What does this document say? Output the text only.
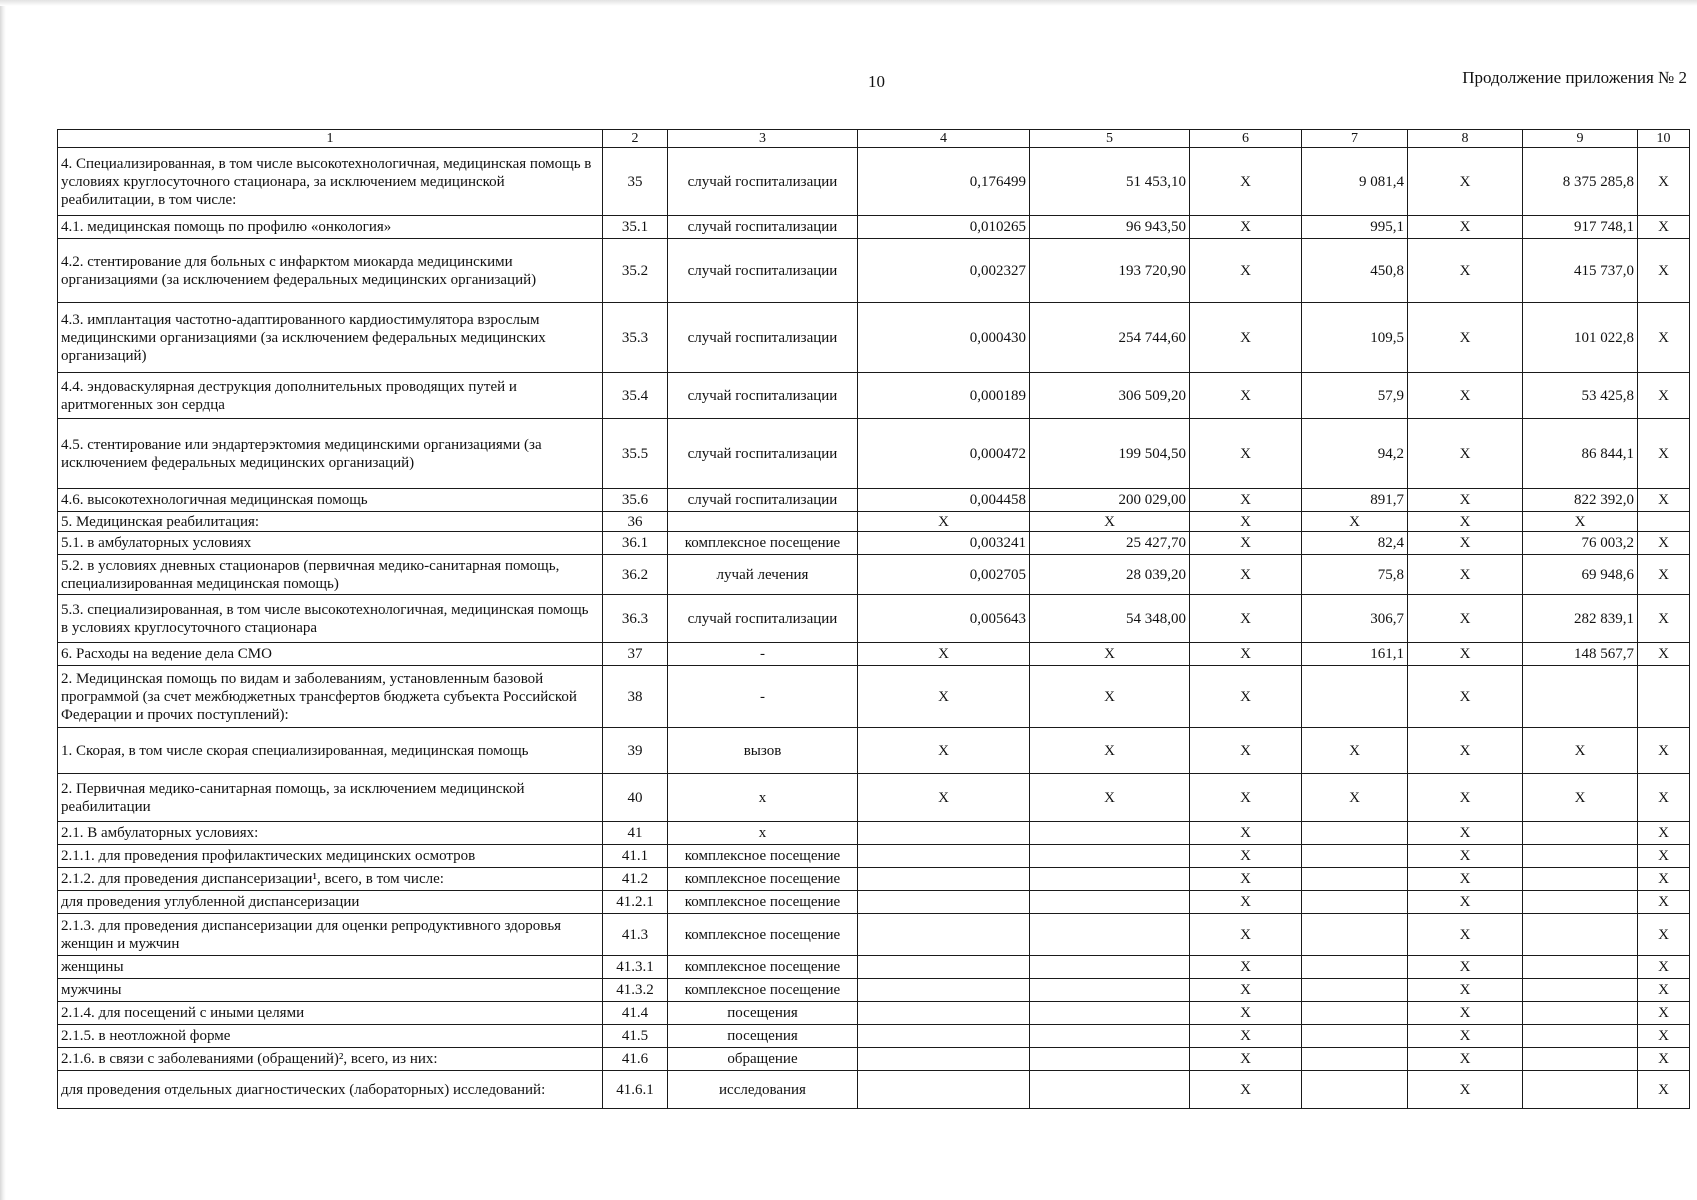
10	Продолжение приложения № 2
1	2	3	4	5	6	7	8	9	10
4. Специализированная, в том числе высокотехнологичная, медицинская помощь в условиях круглосуточного стационара, за исключением медицинской реабилитации, в том числе:	35	случай госпитализации	0,176499	51 453,10	X	9 081,4	X	8 375 285,8	X
4.1. медицинская помощь по профилю «онкология»	35.1	случай госпитализации	0,010265	96 943,50	X	995,1	X	917 748,1	X
4.2. стентирование для больных с инфарктом миокарда медицинскими организациями (за исключением федеральных медицинских организаций)	35.2	случай госпитализации	0,002327	193 720,90	X	450,8	X	415 737,0	X
4.3. имплантация частотно-адаптированного кардиостимулятора взрослым медицинскими организациями (за исключением федеральных медицинских организаций)	35.3	случай госпитализации	0,000430	254 744,60	X	109,5	X	101 022,8	X
4.4. эндоваскулярная деструкция дополнительных проводящих путей и аритмогенных зон сердца	35.4	случай госпитализации	0,000189	306 509,20	X	57,9	X	53 425,8	X
4.5. стентирование или эндартерэктомия медицинскими организациями (за исключением федеральных медицинских организаций)	35.5	случай госпитализации	0,000472	199 504,50	X	94,2	X	86 844,1	X
4.6. высокотехнологичная медицинская помощь	35.6	случай госпитализации	0,004458	200 029,00	X	891,7	X	822 392,0	X
5. Медицинская реабилитация:	36		X	X	X	X	X	X	
5.1. в амбулаторных условиях	36.1	комплексное посещение	0,003241	25 427,70	X	82,4	X	76 003,2	X
5.2. в условиях дневных стационаров (первичная медико-санитарная помощь, специализированная медицинская помощь)	36.2	лучай лечения	0,002705	28 039,20	X	75,8	X	69 948,6	X
5.3. специализированная, в том числе высокотехнологичная, медицинская помощь в условиях круглосуточного стационара	36.3	случай госпитализации	0,005643	54 348,00	X	306,7	X	282 839,1	X
6. Расходы на ведение дела СМО	37	-	X	X	X	161,1	X	148 567,7	X
2. Медицинская помощь по видам и заболеваниям, установленным базовой программой (за счет межбюджетных трансфертов бюджета субъекта Российской Федерации и прочих поступлений):	38	-	X	X	X		X		
1. Скорая, в том числе скорая специализированная, медицинская помощь	39	вызов	X	X	X	X	X	X	X
2. Первичная медико-санитарная помощь, за исключением медицинской реабилитации	40	x	X	X	X	X	X	X	X
2.1. В амбулаторных условиях:	41	x			X		X		X
2.1.1. для проведения профилактических медицинских осмотров	41.1	комплексное посещение			X		X		X
2.1.2. для проведения диспансеризации¹, всего, в том числе:	41.2	комплексное посещение			X		X		X
для проведения углубленной диспансеризации	41.2.1	комплексное посещение			X		X		X
2.1.3. для проведения диспансеризации для оценки репродуктивного здоровья женщин и мужчин	41.3	комплексное посещение			X		X		X
женщины	41.3.1	комплексное посещение			X		X		X
мужчины	41.3.2	комплексное посещение			X		X		X
2.1.4. для посещений с иными целями	41.4	посещения			X		X		X
2.1.5. в неотложной форме	41.5	посещения			X		X		X
2.1.6. в связи с заболеваниями (обращений)², всего, из них:	41.6	обращение			X		X		X
для проведения отдельных диагностических (лабораторных) исследований:	41.6.1	исследования			X		X		X
